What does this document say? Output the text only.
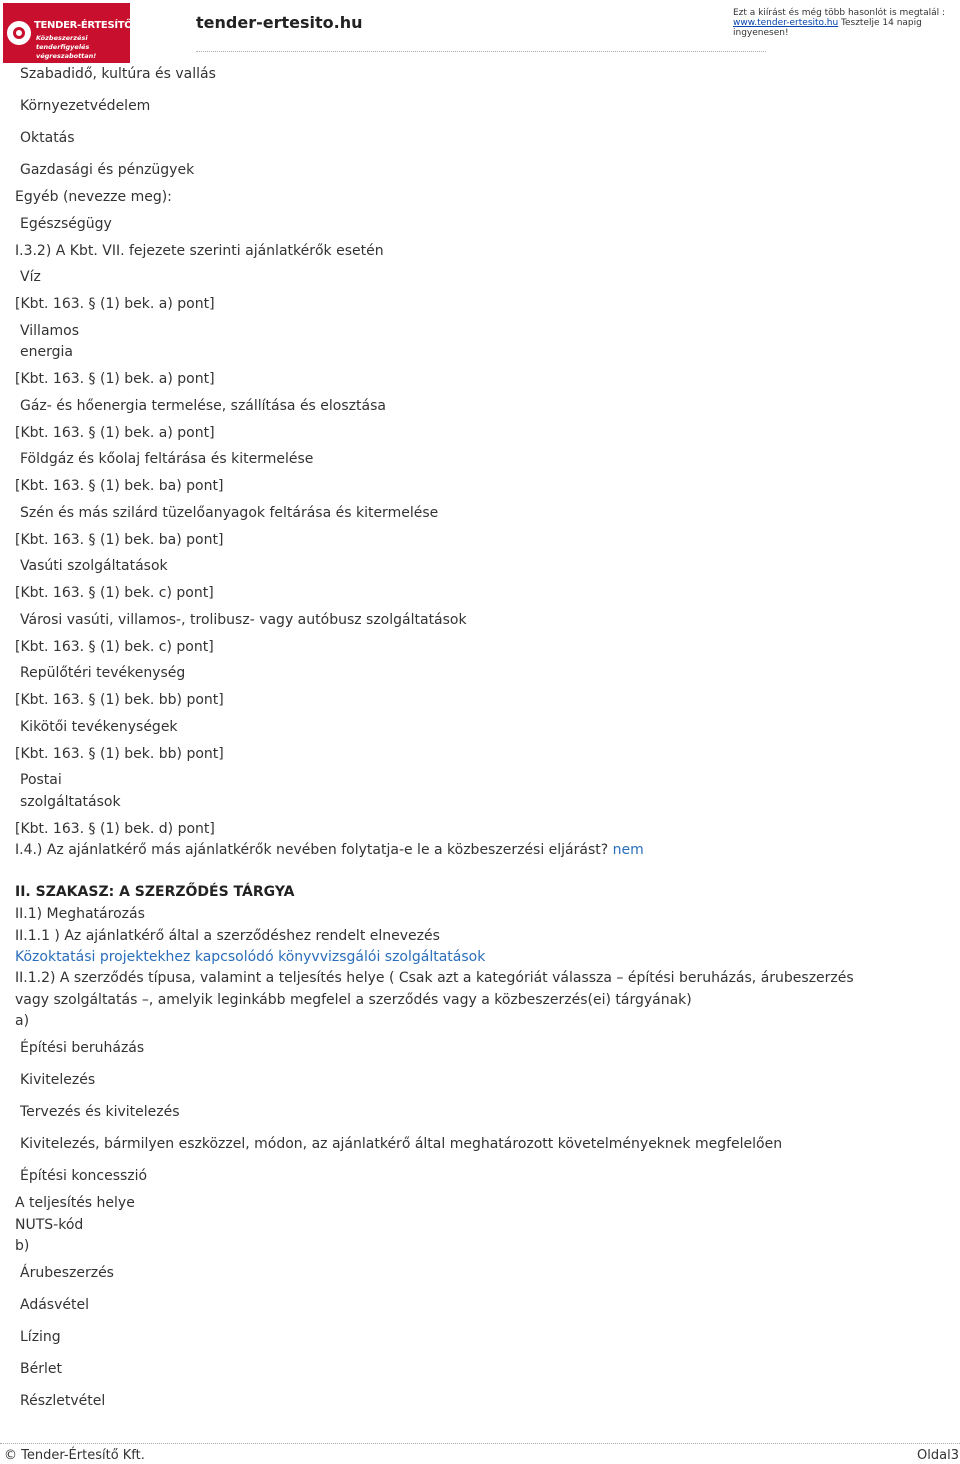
TENDER-ÉRTESÍTŐ.hu
Közbeszerzési tenderfigyelés végreszabottan!
tender-ertesito.hu	Ezt a kiírást és még több hasonlót is megtalál :
www.tender-ertesito.hu Tesztelje 14 napig ingyenesen!
Szabadidő, kultúra és vallás
Környezetvédelem
Oktatás
Gazdasági és pénzügyek
Egyéb (nevezze meg):
Egészségügy
I.3.2) A Kbt. VII. fejezete szerinti ajánlatkérők esetén
Víz
[Kbt. 163. § (1) bek. a) pont]
Villamos
energia
[Kbt. 163. § (1) bek. a) pont]
Gáz- és hőenergia termelése, szállítása és elosztása
[Kbt. 163. § (1) bek. a) pont]
Földgáz és kőolaj feltárása és kitermelése
[Kbt. 163. § (1) bek. ba) pont]
Szén és más szilárd tüzelőanyagok feltárása és kitermelése
[Kbt. 163. § (1) bek. ba) pont]
Vasúti szolgáltatások
[Kbt. 163. § (1) bek. c) pont]
Városi vasúti, villamos-, trolibusz- vagy autóbusz szolgáltatások
[Kbt. 163. § (1) bek. c) pont]
Repülőtéri tevékenység
[Kbt. 163. § (1) bek. bb) pont]
Kikötői tevékenységek
[Kbt. 163. § (1) bek. bb) pont]
Postai
szolgáltatások
[Kbt. 163. § (1) bek. d) pont]
I.4.) Az ajánlatkérő más ajánlatkérők nevében folytatja-e le a közbeszerzési eljárást? nem
II. SZAKASZ: A SZERZŐDÉS TÁRGYA
II.1) Meghatározás
II.1.1 ) Az ajánlatkérő által a szerződéshez rendelt elnevezés
Közoktatási projektekhez kapcsolódó könyvvizsgálói szolgáltatások
II.1.2) A szerződés típusa, valamint a teljesítés helye ( Csak azt a kategóriát válassza – építési beruházás, árubeszerzés
vagy szolgáltatás –, amelyik leginkább megfelel a szerződés vagy a közbeszerzés(ei) tárgyának)
a)
Építési beruházás
Kivitelezés
Tervezés és kivitelezés
Kivitelezés, bármilyen eszközzel, módon, az ajánlatkérő által meghatározott követelményeknek megfelelően
Építési koncesszió
A teljesítés helye
NUTS-kód
b)
Árubeszerzés
Adásvétel
Lízing
Bérlet
Részletvétel
© Tender-Értesítő Kft.	Oldal3
